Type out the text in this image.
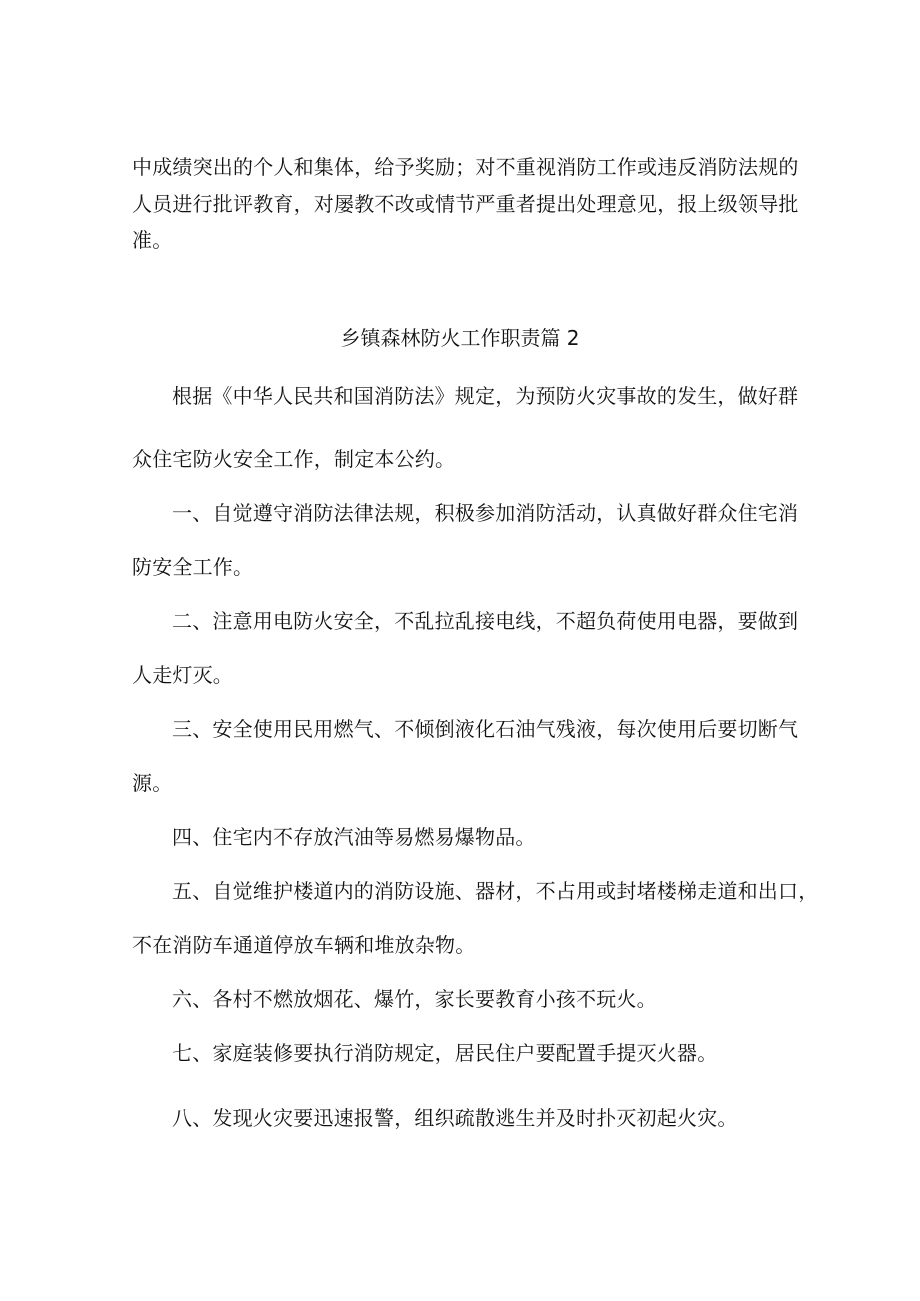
中成绩突出的个人和集体，给予奖励；对不重视消防工作或违反消防法规的
人员进行批评教育，对屡教不改或情节严重者提出处理意见，报上级领导批
准。
乡镇森林防火工作职责篇 2
根据《中华人民共和国消防法》规定，为预防火灾事故的发生，做好群
众住宅防火安全工作，制定本公约。
一、自觉遵守消防法律法规，积极参加消防活动，认真做好群众住宅消
防安全工作。
二、注意用电防火安全，不乱拉乱接电线，不超负荷使用电器，要做到
人走灯灭。
三、安全使用民用燃气、不倾倒液化石油气残液，每次使用后要切断气
源。
四、住宅内不存放汽油等易燃易爆物品。
五、自觉维护楼道内的消防设施、器材，不占用或封堵楼梯走道和出口，
不在消防车通道停放车辆和堆放杂物。
六、各村不燃放烟花、爆竹，家长要教育小孩不玩火。
七、家庭装修要执行消防规定，居民住户要配置手提灭火器。
八、发现火灾要迅速报警，组织疏散逃生并及时扑灭初起火灾。
